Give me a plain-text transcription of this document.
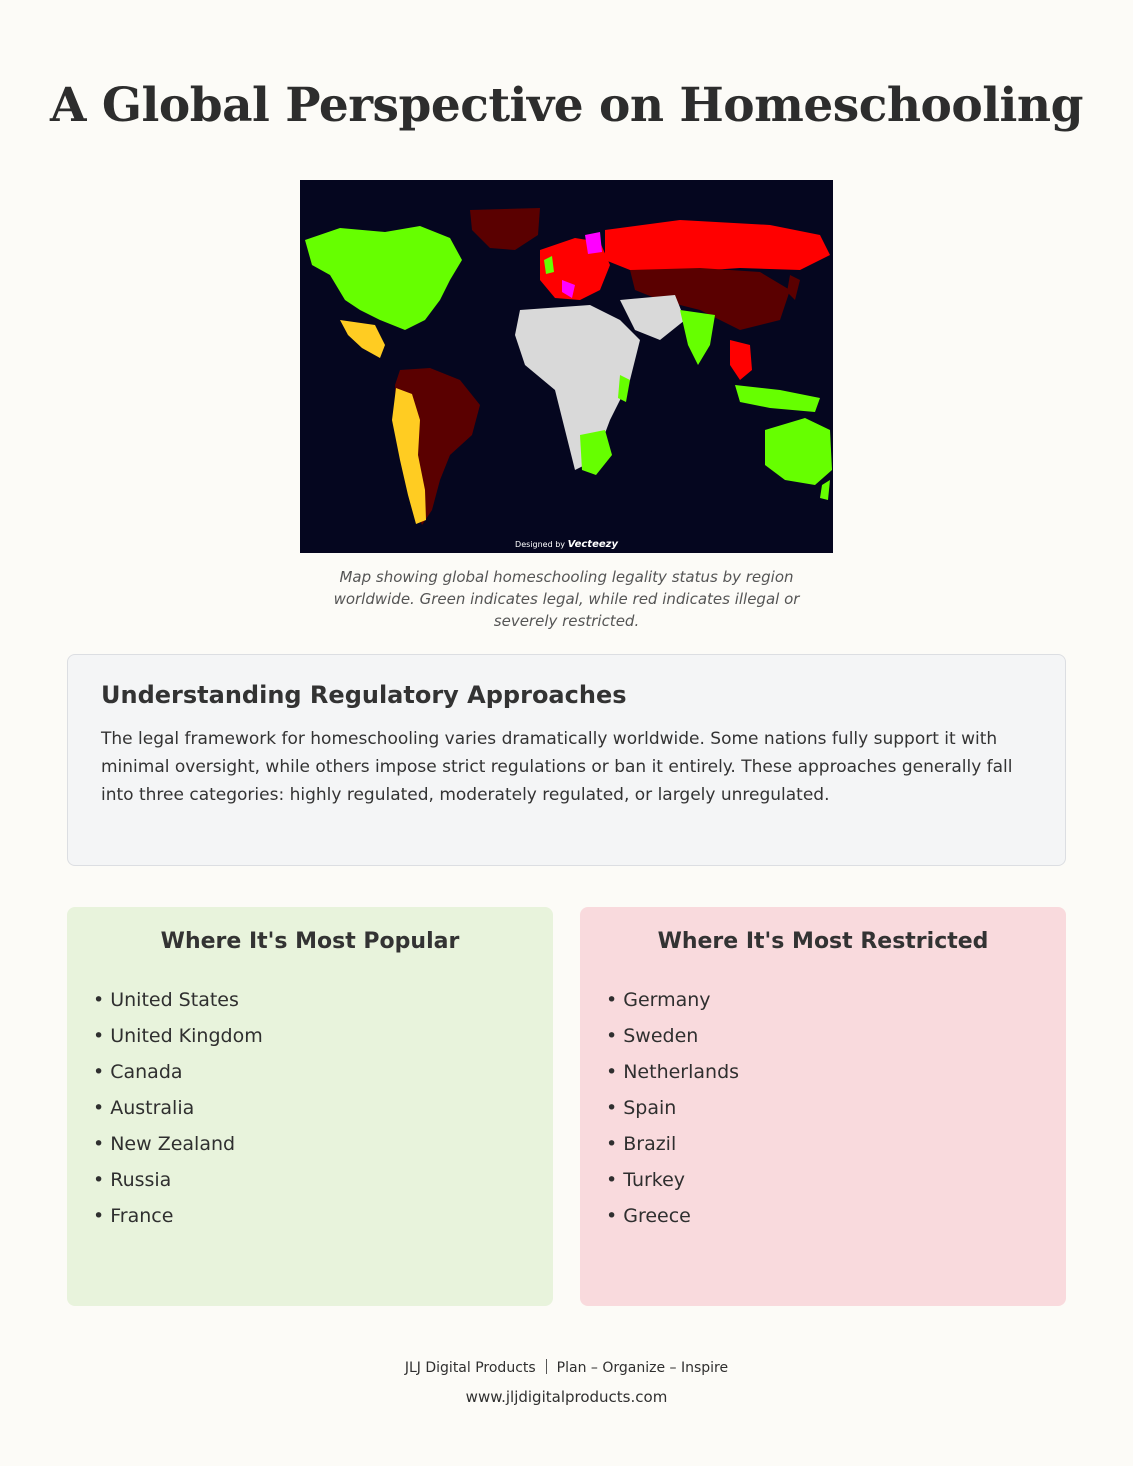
A Global Perspective on Homeschooling
Designed by Vecteezy

Map showing global homeschooling legality status by region worldwide. Green indicates legal, while red indicates illegal or severely restricted.

Understanding Regulatory Approaches

The legal framework for homeschooling varies dramatically worldwide. Some nations fully support it with minimal oversight, while others impose strict regulations or ban it entirely. These approaches generally fall into three categories: highly regulated, moderately regulated, or largely unregulated.

Where It's Most Popular
• United States
• United Kingdom
• Canada
• Australia
• New Zealand
• Russia
• France
Where It's Most Restricted
• Germany
• Sweden
• Netherlands
• Spain
• Brazil
• Turkey
• Greece
JLJ Digital Products Plan – Organize – Inspire
www.jljdigitalproducts.com
